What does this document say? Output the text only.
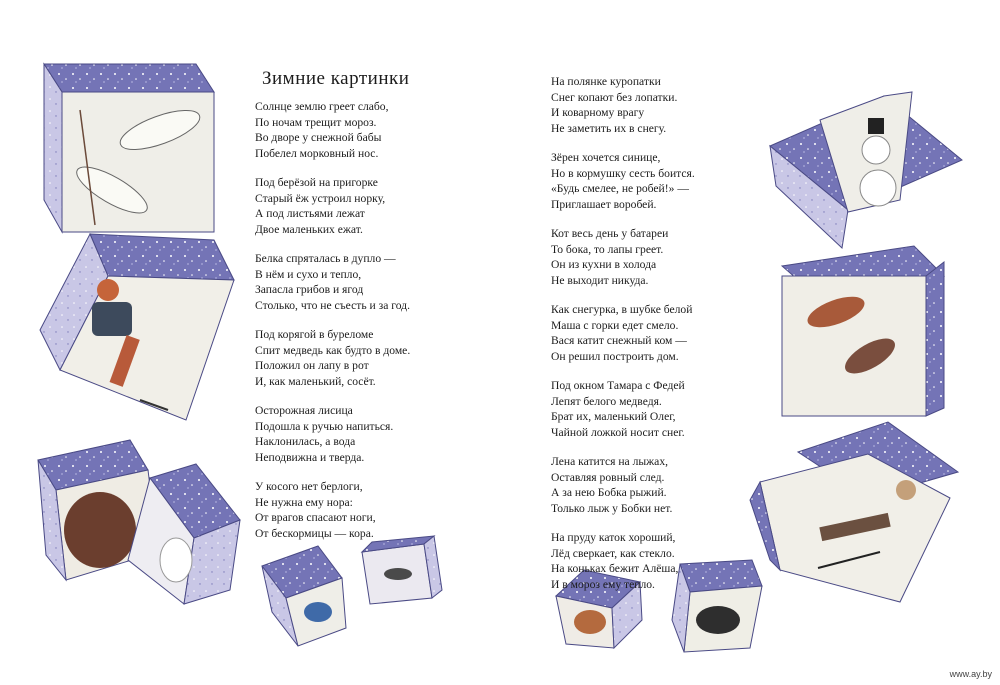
Зимние картинки
Солнце землю греет слабо,
По ночам трещит мороз.
Во дворе у снежной бабы
Побелел морковный нос.
Под берёзой на пригорке
Старый ёж устроил норку,
А под листьями лежат
Двое маленьких ежат.
Белка спряталась в дупло —
В нём и сухо и тепло,
Запасла грибов и ягод
Столько, что не съесть и за год.
Под корягой в буреломе
Спит медведь как будто в доме.
Положил он лапу в рот
И, как маленький, сосёт.
Осторожная лисица
Подошла к ручью напиться.
Наклонилась, а вода
Неподвижна и тверда.
У косого нет берлоги,
Не нужна ему нора:
От врагов спасают ноги,
От бескормицы — кора.
На полянке куропатки
Снег копают без лопатки.
И коварному врагу
Не заметить их в снегу.
Зёрен хочется синице,
Но в кормушку сесть боится.
«Будь смелее, не робей!» —
Приглашает воробей.
Кот весь день у батареи
То бока, то лапы греет.
Он из кухни в холода
Не выходит никуда.
Как снегурка, в шубке белой
Маша с горки едет смело.
Вася катит снежный ком —
Он решил построить дом.
Под окном Тамара с Федей
Лепят белого медведя.
Брат их, маленький Олег,
Чайной ложкой носит снег.
Лена катится на лыжах,
Оставляя ровный след.
А за нею Бобка рыжий.
Только лыж у Бобки нет.
На пруду каток хороший,
Лёд сверкает, как стекло.
На коньках бежит Алёша,
И в мороз ему тепло.
www.ay.by
